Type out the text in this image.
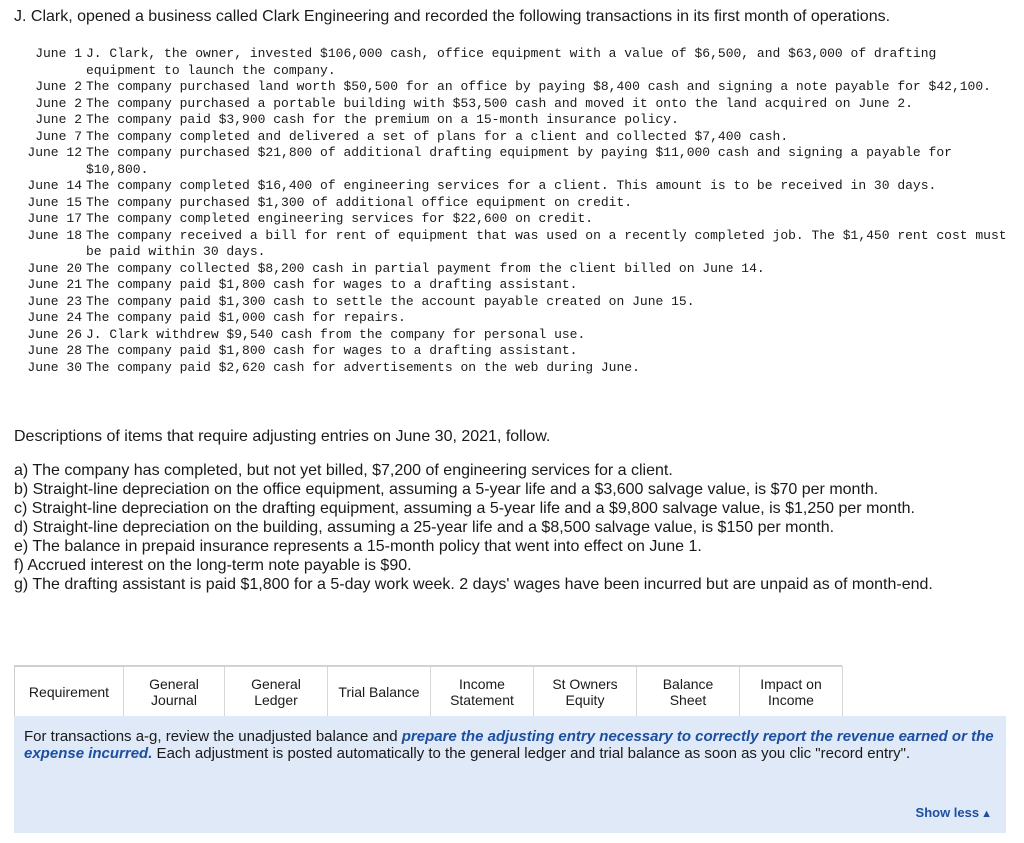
J. Clark, opened a business called Clark Engineering and recorded the following transactions in its first month of operations.

June 1 J. Clark, the owner, invested $106,000 cash, office equipment with a value of $6,500, and $63,000 of drafting equipment to launch the company.
June 2 The company purchased land worth $50,500 for an office by paying $8,400 cash and signing a note payable for $42,100.
June 2 The company purchased a portable building with $53,500 cash and moved it onto the land acquired on June 2.
June 2 The company paid $3,900 cash for the premium on a 15-month insurance policy.
June 7 The company completed and delivered a set of plans for a client and collected $7,400 cash.
June 12 The company purchased $21,800 of additional drafting equipment by paying $11,000 cash and signing a payable for $10,800.
June 14 The company completed $16,400 of engineering services for a client. This amount is to be received in 30 days.
June 15 The company purchased $1,300 of additional office equipment on credit.
June 17 The company completed engineering services for $22,600 on credit.
June 18 The company received a bill for rent of equipment that was used on a recently completed job. The $1,450 rent cost must be paid within 30 days.
June 20 The company collected $8,200 cash in partial payment from the client billed on June 14.
June 21 The company paid $1,800 cash for wages to a drafting assistant.
June 23 The company paid $1,300 cash to settle the account payable created on June 15.
June 24 The company paid $1,000 cash for repairs.
June 26 J. Clark withdrew $9,540 cash from the company for personal use.
June 28 The company paid $1,800 cash for wages to a drafting assistant.
June 30 The company paid $2,620 cash for advertisements on the web during June.

Descriptions of items that require adjusting entries on June 30, 2021, follow.

a) The company has completed, but not yet billed, $7,200 of engineering services for a client.
b) Straight-line depreciation on the office equipment, assuming a 5-year life and a $3,600 salvage value, is $70 per month.
c) Straight-line depreciation on the drafting equipment, assuming a 5-year life and a $9,800 salvage value, is $1,250 per month.
d) Straight-line depreciation on the building, assuming a 25-year life and a $8,500 salvage value, is $150 per month.
e) The balance in prepaid insurance represents a 15-month policy that went into effect on June 1.
f) Accrued interest on the long-term note payable is $90.
g) The drafting assistant is paid $1,800 for a 5-day work week. 2 days' wages have been incurred but are unpaid as of month-end.
Requirement	General Journal
General Ledger	Trial Balance	Income Statement
St Owners Equity
Balance Sheet
Impact on Income
For transactions a-g, review the unadjusted balance and prepare the adjusting entry necessary to correctly report the revenue earned or the expense incurred. Each adjustment is posted automatically to the general ledger and trial balance as soon as you clic "record entry".
Show less ▲
